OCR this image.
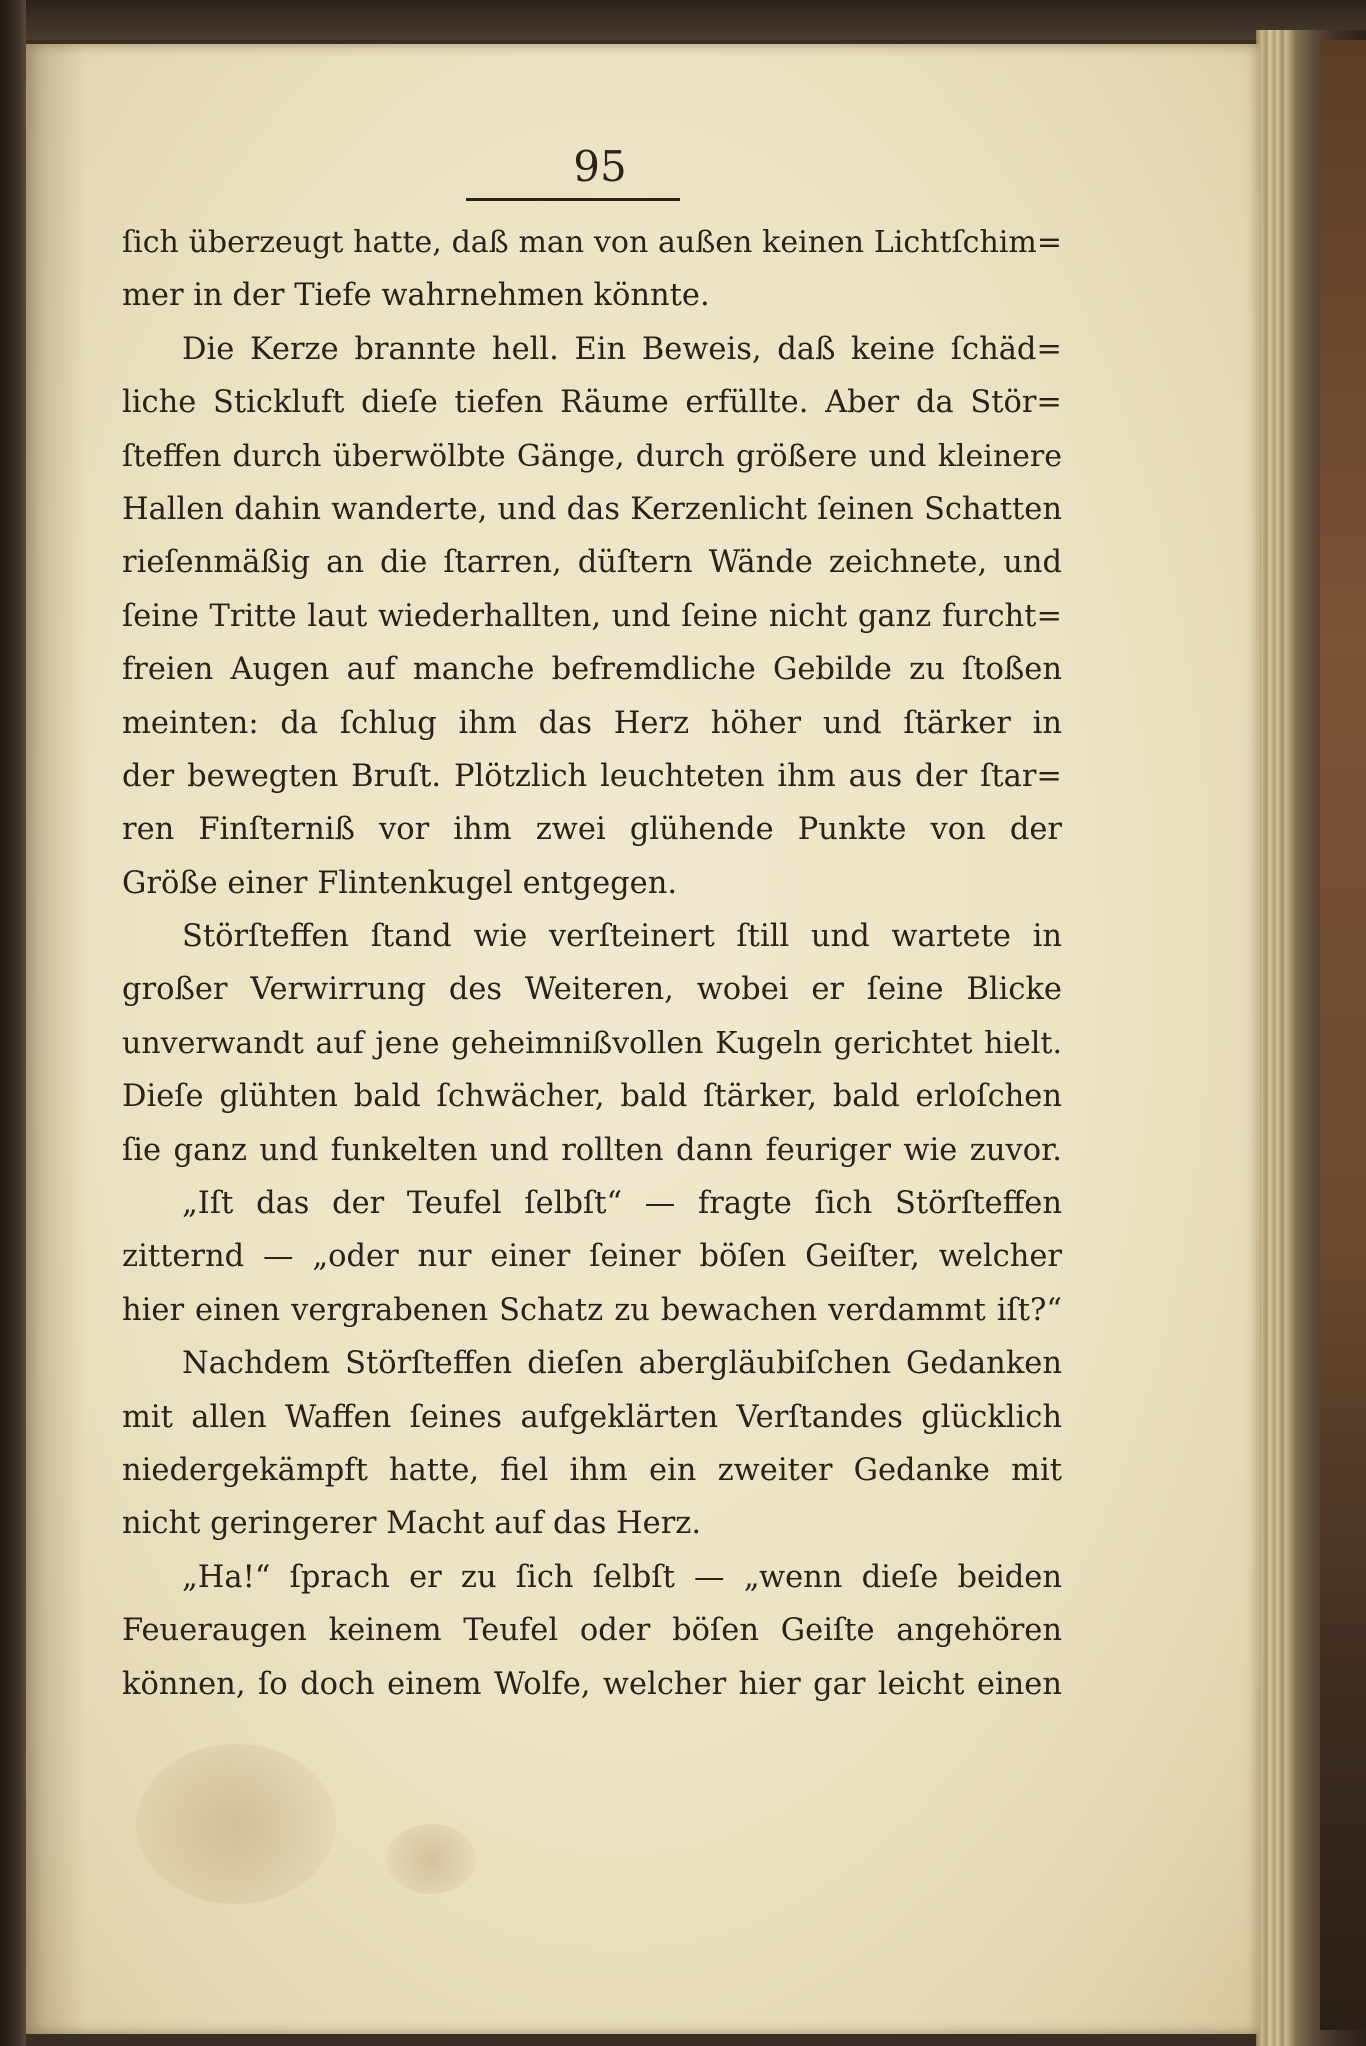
95
ſich überzeugt hatte, daß man von außen keinen Lichtſchim=
mer in der Tiefe wahrnehmen könnte.
Die Kerze brannte hell. Ein Beweis, daß keine ſchäd=
liche Stickluft dieſe tiefen Räume erfüllte. Aber da Stör=
ſteffen durch überwölbte Gänge, durch größere und kleinere
Hallen dahin wanderte, und das Kerzenlicht ſeinen Schatten
rieſenmäßig an die ſtarren, düſtern Wände zeichnete, und
ſeine Tritte laut wiederhallten, und ſeine nicht ganz furcht=
freien Augen auf manche befremdliche Gebilde zu ſtoßen
meinten: da ſchlug ihm das Herz höher und ſtärker in
der bewegten Bruſt. Plötzlich leuchteten ihm aus der ſtar=
ren Finſterniß vor ihm zwei glühende Punkte von der
Größe einer Flintenkugel entgegen.
Störſteffen ſtand wie verſteinert ſtill und wartete in
großer Verwirrung des Weiteren, wobei er ſeine Blicke
unverwandt auf jene geheimnißvollen Kugeln gerichtet hielt.
Dieſe glühten bald ſchwächer, bald ſtärker, bald erloſchen
ſie ganz und funkelten und rollten dann feuriger wie zuvor.
„Iſt das der Teufel ſelbſt“ — fragte ſich Störſteffen
zitternd — „oder nur einer ſeiner böſen Geiſter, welcher
hier einen vergrabenen Schatz zu bewachen verdammt iſt?“
Nachdem Störſteffen dieſen abergläubiſchen Gedanken
mit allen Waffen ſeines aufgeklärten Verſtandes glücklich
niedergekämpft hatte, fiel ihm ein zweiter Gedanke mit
nicht geringerer Macht auf das Herz.
„Ha!“ ſprach er zu ſich ſelbſt — „wenn dieſe beiden
Feueraugen keinem Teufel oder böſen Geiſte angehören
können, ſo doch einem Wolfe, welcher hier gar leicht einen
